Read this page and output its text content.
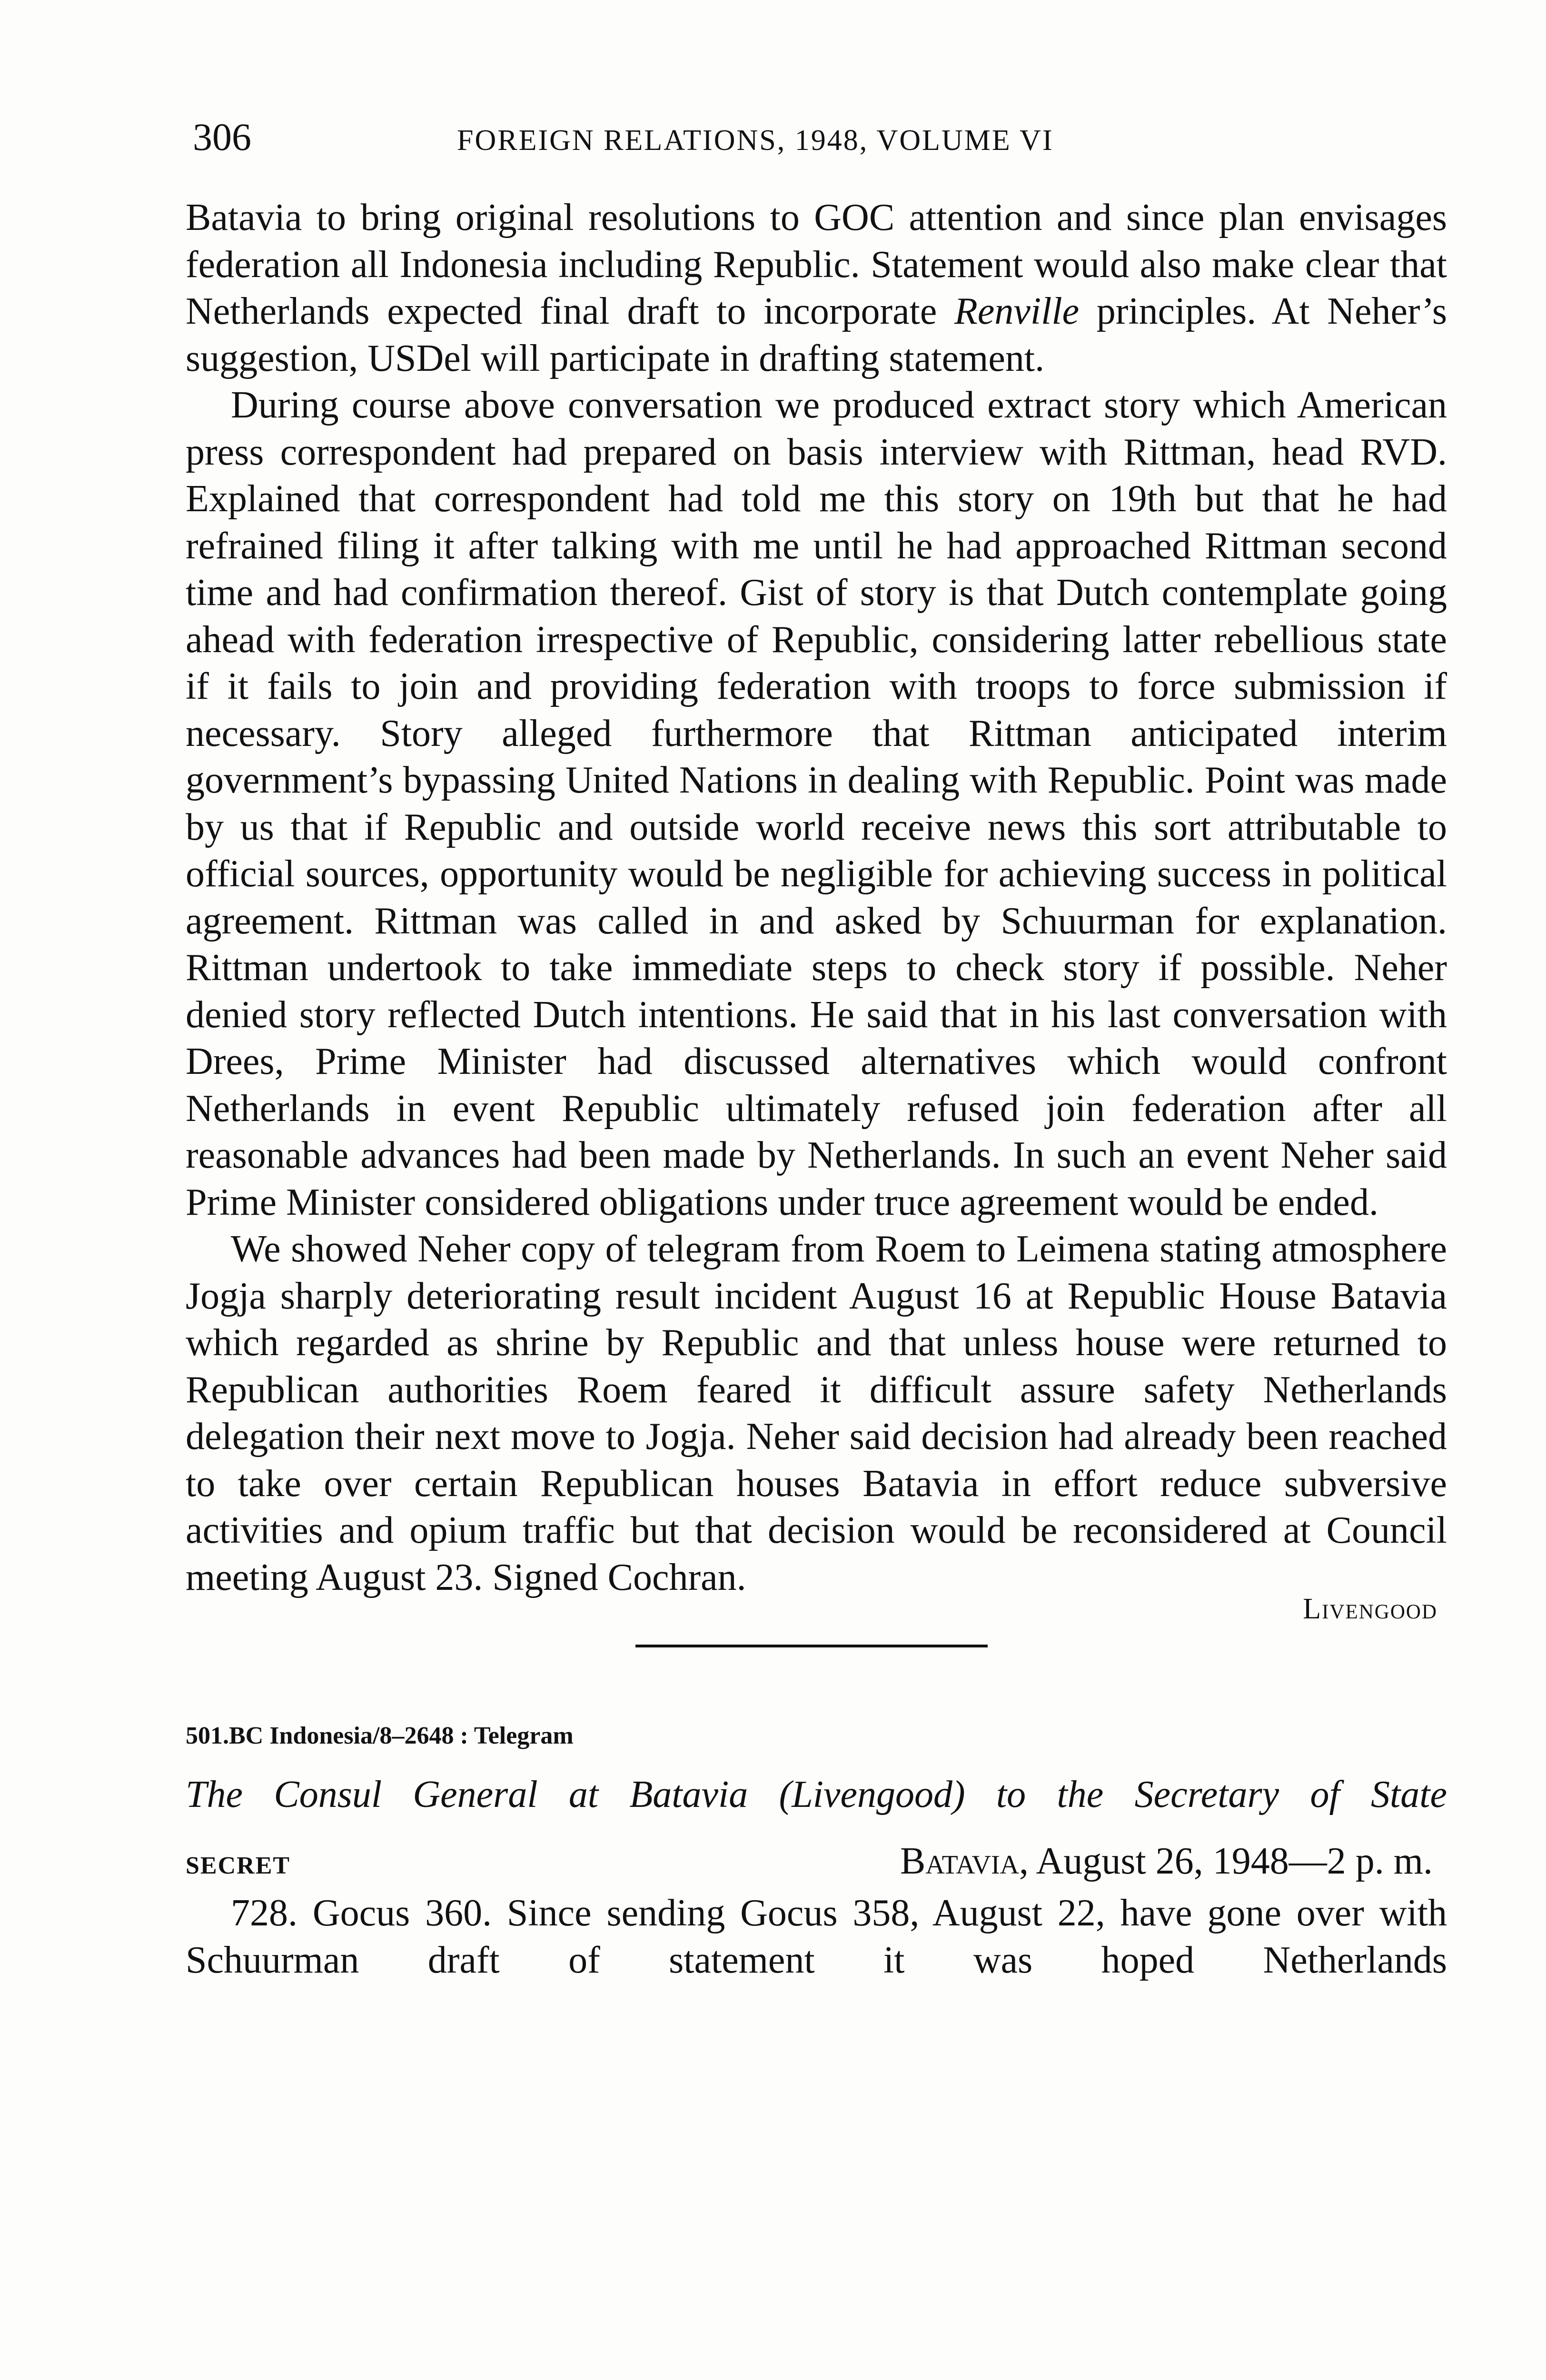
306	FOREIGN RELATIONS, 1948, VOLUME VI

Batavia to bring original resolutions to GOC attention and since plan envisages federation all Indonesia including Republic. Statement would also make clear that Netherlands expected final draft to incorporate Renville principles. At Neher’s suggestion, USDel will participate in drafting statement.

During course above conversation we produced extract story which American press correspondent had prepared on basis interview with Rittman, head RVD. Explained that correspondent had told me this story on 19th but that he had refrained filing it after talking with me until he had approached Rittman second time and had confirmation thereof. Gist of story is that Dutch contemplate going ahead with federation irrespective of Republic, considering latter rebellious state if it fails to join and providing federation with troops to force submission if necessary. Story alleged furthermore that Rittman anticipated interim government’s bypassing United Nations in dealing with Republic. Point was made by us that if Republic and outside world receive news this sort attributable to official sources, opportunity would be negligible for achieving success in political agreement. Rittman was called in and asked by Schuurman for explanation. Rittman undertook to take immediate steps to check story if possible. Neher denied story reflected Dutch intentions. He said that in his last conversation with Drees, Prime Minister had discussed alternatives which would confront Netherlands in event Republic ultimately refused join federation after all reasonable advances had been made by Netherlands. In such an event Neher said Prime Minister considered obligations under truce agreement would be ended.

We showed Neher copy of telegram from Roem to Leimena stating atmosphere Jogja sharply deteriorating result incident August 16 at Republic House Batavia which regarded as shrine by Republic and that unless house were returned to Republican authorities Roem feared it difficult assure safety Netherlands delegation their next move to Jogja. Neher said decision had already been reached to take over certain Republican houses Batavia in effort reduce subversive activities and opium traffic but that decision would be reconsidered at Council meeting August 23. Signed Cochran.

Livengood
501.BC Indonesia/8–2648 : Telegram
The Consul General at Batavia (Livengood) to the Secretary of State
SECRET	Batavia, August 26, 1948—2 p. m.

728. Gocus 360. Since sending Gocus 358, August 22, have gone over with Schuurman draft of statement it was hoped Netherlands
